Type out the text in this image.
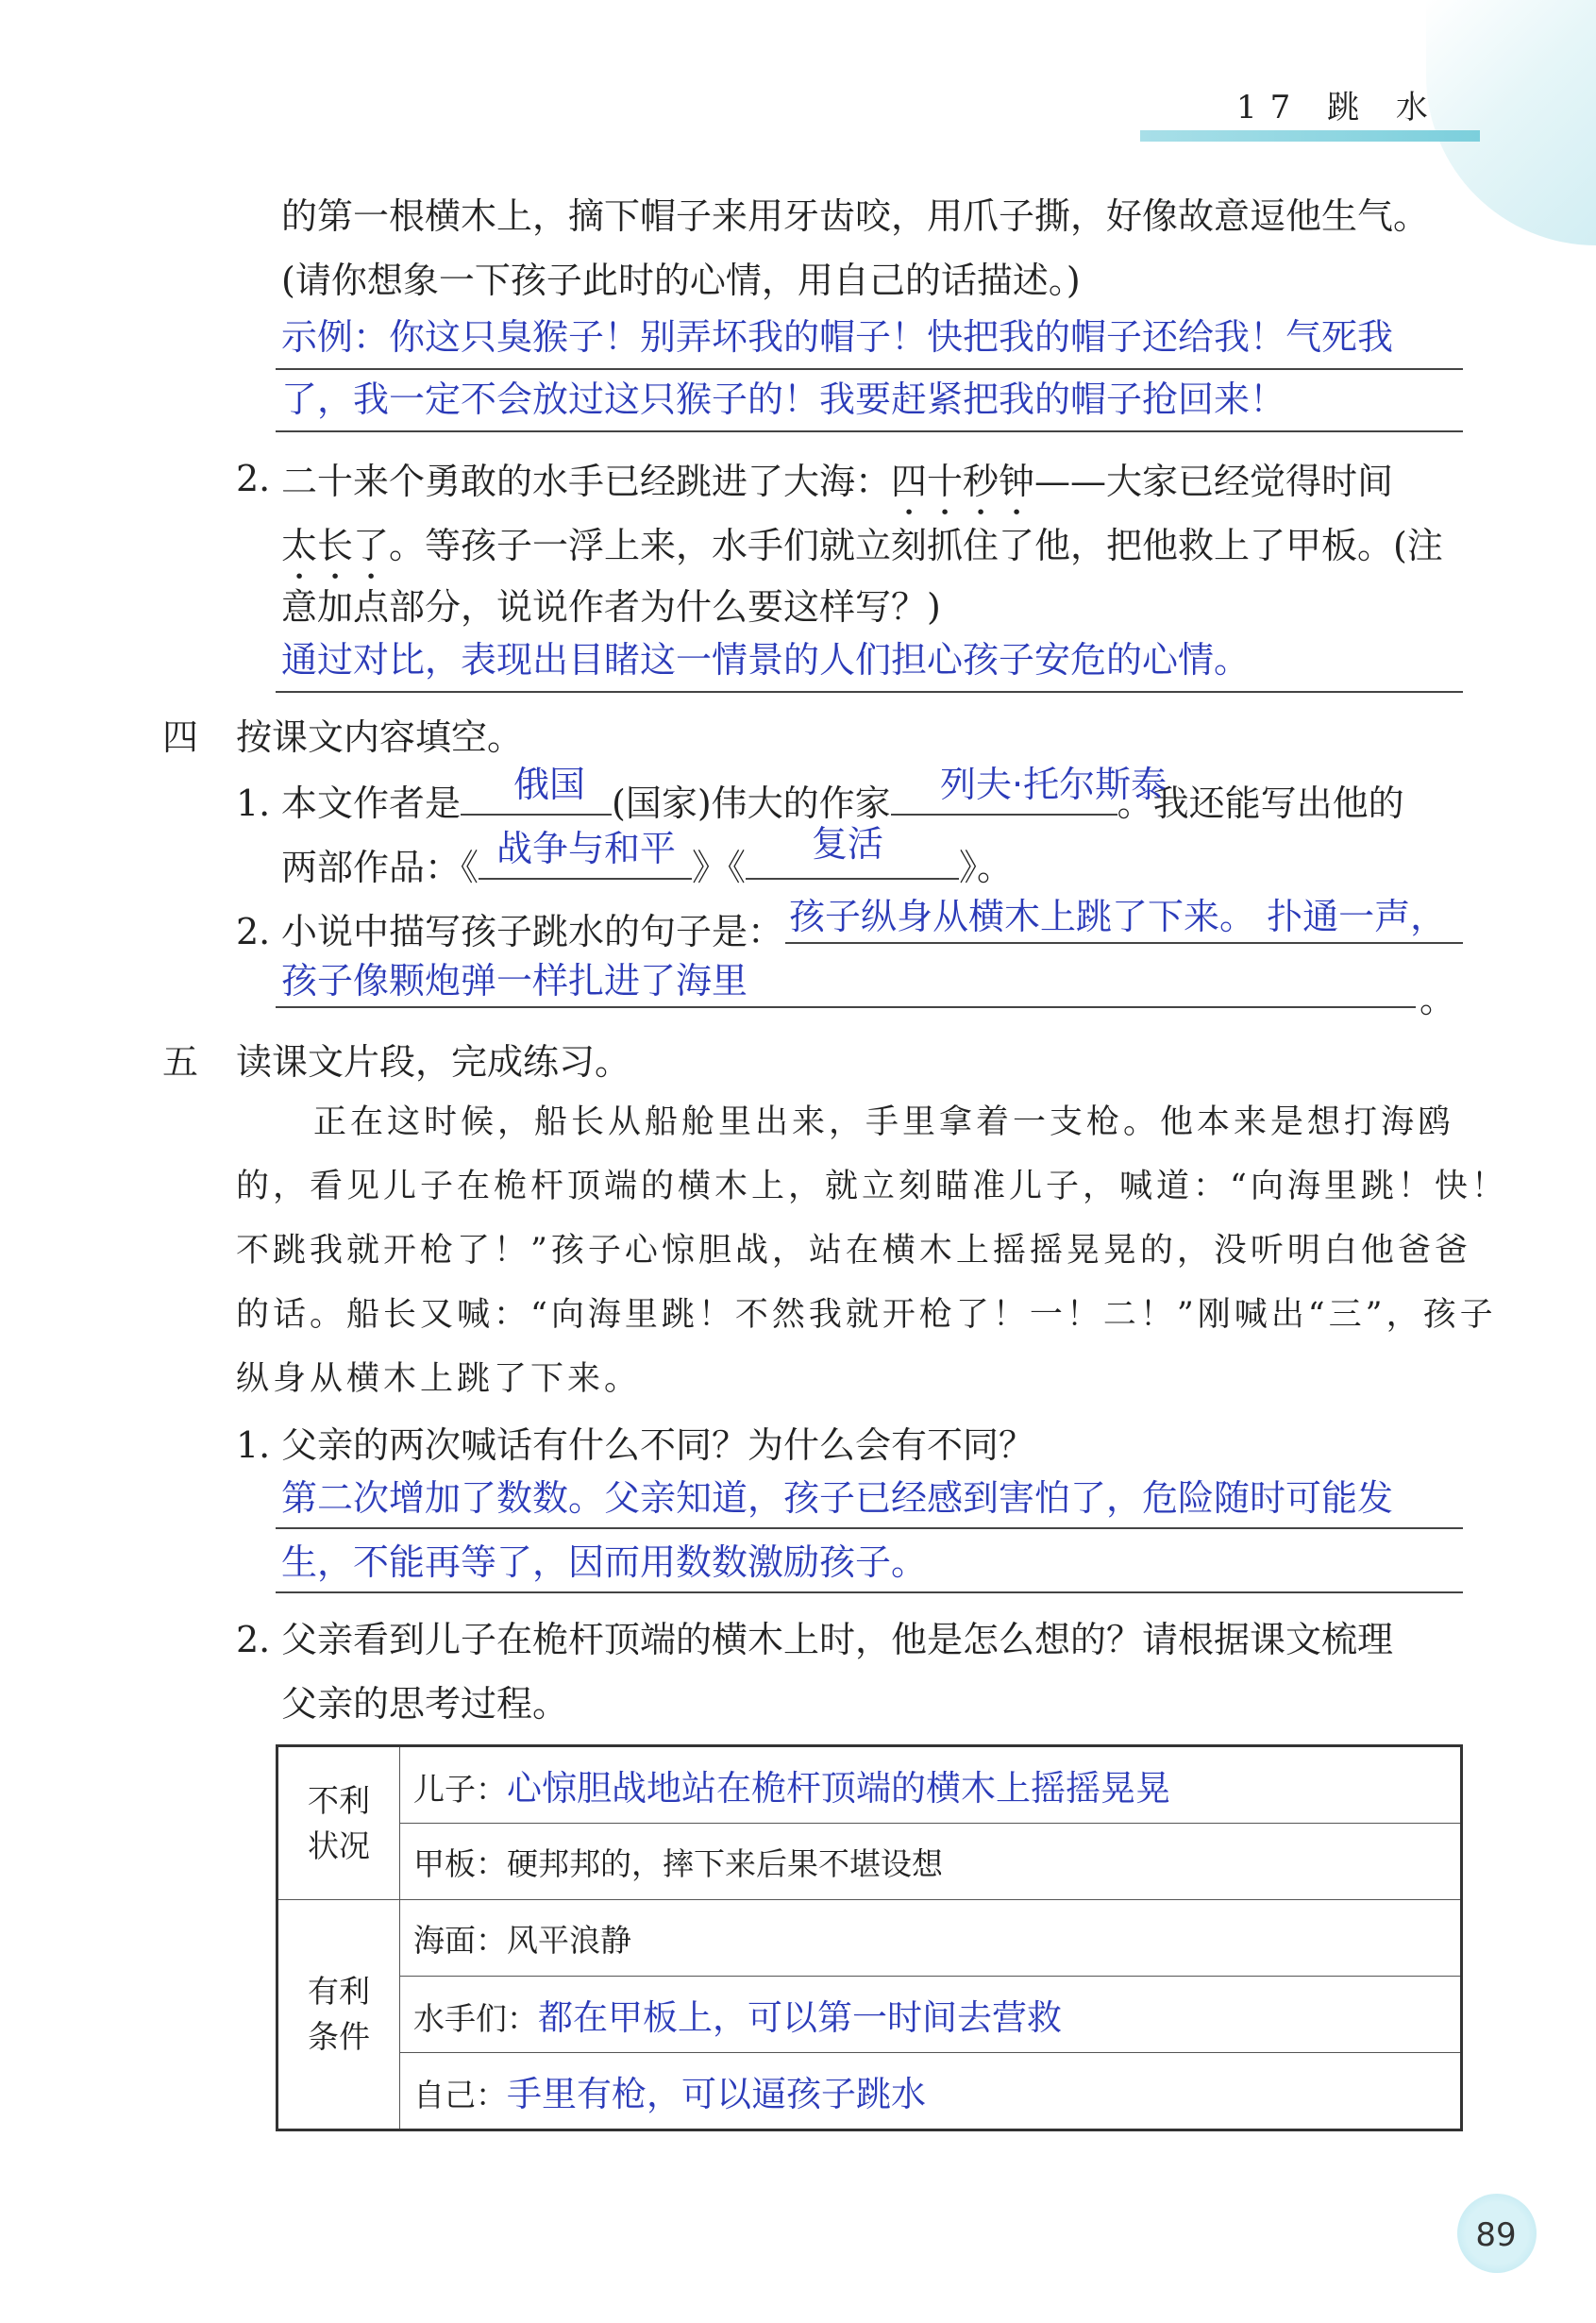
17 跳 水
的第一根横木上，摘下帽子来用牙齿咬，用爪子撕，好像故意逗他生气。
(请你想象一下孩子此时的心情，用自己的话描述。)
示例：你这只臭猴子！别弄坏我的帽子！快把我的帽子还给我！气死我
了，我一定不会放过这只猴子的！我要赶紧把我的帽子抢回来！
2. 二十来个勇敢的水手已经跳进了大海：四十秒钟——大家已经觉得时间
太长了。等孩子一浮上来，水手们就立刻抓住了他，把他救上了甲板。(注
意加点部分，说说作者为什么要这样写？)
通过对比，表现出目睹这一情景的人们担心孩子安危的心情。
四 按课文内容填空。
1. 本文作者是	(国家)伟大的作家	。我还能写出他的
俄国	列夫·托尔斯泰
两部作品：《	》《	》。
战争与和平	复活
2. 小说中描写孩子跳水的句子是： 孩子纵身从横木上跳了下来。 扑通一声，
孩子像颗炮弹一样扎进了海里	。
五 读课文片段，完成练习。
正在这时候，船长从船舱里出来，手里拿着一支枪。他本来是想打海鸥
的，看见儿子在桅杆顶端的横木上，就立刻瞄准儿子，喊道：“向海里跳！快！
不跳我就开枪了！”孩子心惊胆战，站在横木上摇摇晃晃的，没听明白他爸爸
的话。船长又喊：“向海里跳！不然我就开枪了！一！二！”刚喊出“三”，孩子
纵身从横木上跳了下来。
1. 父亲的两次喊话有什么不同？为什么会有不同？
第二次增加了数数。父亲知道，孩子已经感到害怕了，危险随时可能发
生，不能再等了，因而用数数激励孩子。
2. 父亲看到儿子在桅杆顶端的横木上时，他是怎么想的？请根据课文梳理
父亲的思考过程。
不利
状况	儿子：心惊胆战地站在桅杆顶端的横木上摇摇晃晃
	甲板：硬邦邦的，摔下来后果不堪设想
有利
条件	海面：风平浪静
	水手们：都在甲板上，可以第一时间去营救
	自己：手里有枪，可以逼孩子跳水
89
